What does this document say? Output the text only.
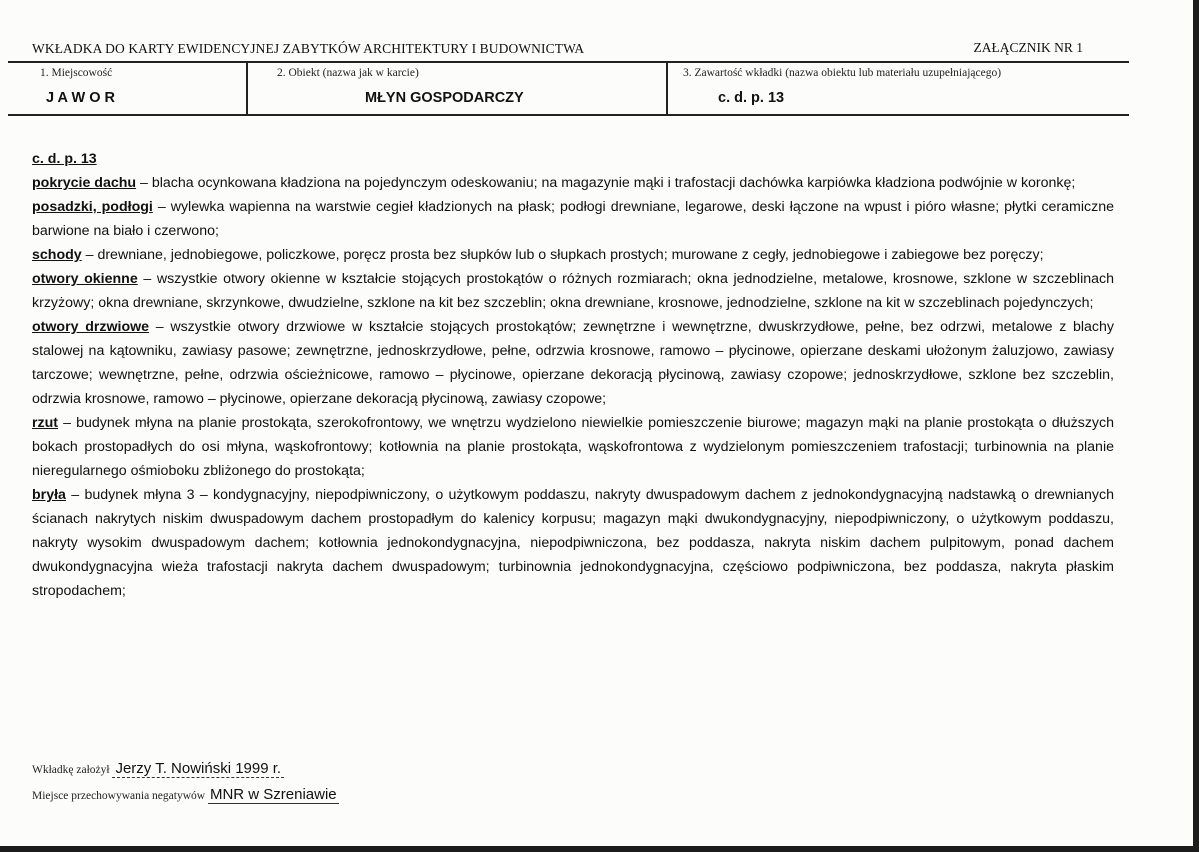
WKŁADKA DO KARTY EWIDENCYJNEJ ZABYTKÓW ARCHITEKTURY I BUDOWNICTWA	ZAŁĄCZNIK NR 1
1. Miejscowość
J A W O R
2. Obiekt (nazwa jak w karcie)
MŁYN GOSPODARCZY
3. Zawartość wkładki (nazwa obiektu lub materiału uzupełniającego)
c. d. p. 13

c. d. p. 13

pokrycie dachu – blacha ocynkowana kładziona na pojedynczym odeskowaniu; na magazynie mąki i trafostacji dachówka karpiówka kładziona podwójnie w koronkę;

posadzki, podłogi – wylewka wapienna na warstwie cegieł kładzionych na płask; podłogi drewniane, legarowe, deski łączone na wpust i pióro własne; płytki ceramiczne barwione na biało i czerwono;

schody – drewniane, jednobiegowe, policzkowe, poręcz prosta bez słupków lub o słupkach prostych; murowane z cegły, jednobiegowe i zabiegowe bez poręczy;

otwory okienne – wszystkie otwory okienne w kształcie stojących prostokątów o różnych rozmiarach; okna jednodzielne, metalowe, krosnowe, szklone w szczeblinach krzyżowy; okna drewniane, skrzynkowe, dwudzielne, szklone na kit bez szczeblin; okna drewniane, krosnowe, jednodzielne, szklone na kit w szczeblinach pojedynczych;

otwory drzwiowe – wszystkie otwory drzwiowe w kształcie stojących prostokątów; zewnętrzne i wewnętrzne, dwuskrzydłowe, pełne, bez odrzwi, metalowe z blachy stalowej na kątowniku, zawiasy pasowe; zewnętrzne, jednoskrzydłowe, pełne, odrzwia krosnowe, ramowo – płycinowe, opierzane deskami ułożonym żaluzjowo, zawiasy tarczowe; wewnętrzne, pełne, odrzwia ościeżnicowe, ramowo – płycinowe, opierzane dekoracją płycinową, zawiasy czopowe; jednoskrzydłowe, szklone bez szczeblin, odrzwia krosnowe, ramowo – płycinowe, opierzane dekoracją płycinową, zawiasy czopowe;

rzut – budynek młyna na planie prostokąta, szerokofrontowy, we wnętrzu wydzielono niewielkie pomieszczenie biurowe; magazyn mąki na planie prostokąta o dłuższych bokach prostopadłych do osi młyna, wąskofrontowy; kotłownia na planie prostokąta, wąskofrontowa z wydzielonym pomieszczeniem trafostacji; turbinownia na planie nieregularnego ośmioboku zbliżonego do prostokąta;

bryła – budynek młyna 3 – kondygnacyjny, niepodpiwniczony, o użytkowym poddaszu, nakryty dwuspadowym dachem z jednokondygnacyjną nadstawką o drewnianych ścianach nakrytych niskim dwuspadowym dachem prostopadłym do kalenicy korpusu; magazyn mąki dwukondygnacyjny, niepodpiwniczony, o użytkowym poddaszu, nakryty wysokim dwuspadowym dachem; kotłownia jednokondygnacyjna, niepodpiwniczona, bez poddasza, nakryta niskim dachem pulpitowym, ponad dachem dwukondygnacyjna wieża trafostacji nakryta dachem dwuspadowym; turbinownia jednokondygnacyjna, częściowo podpiwniczona, bez poddasza, nakryta płaskim stropodachem;

Wkładkę założył Jerzy T. Nowiński 1999 r.
Miejsce przechowywania negatywów MNR w Szreniawie
